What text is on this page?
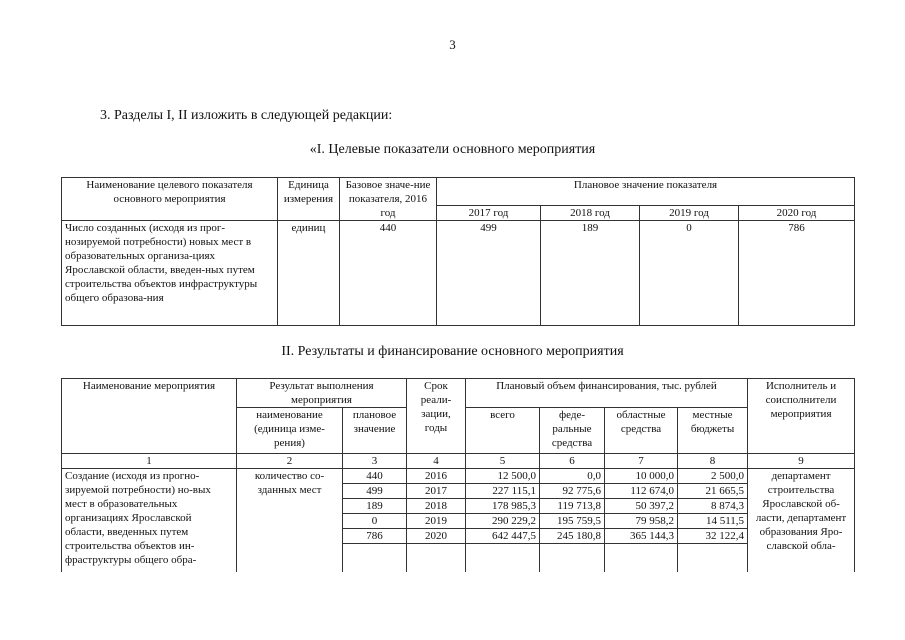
3
3. Разделы I, II изложить в следующей редакции:
«I. Целевые показатели основного мероприятия
Наименование целевого показателя основного мероприятия	Единица измерения	Базовое значе-ние показателя, 2016 год	Плановое значение показателя			
			2017 год	2018 год	2019 год	2020 год
Число созданных (исходя из прог-нозируемой потребности) новых мест в образовательных организа-циях Ярославской области, введен-ных путем строительства объектов инфраструктуры общего образова-ния	единиц	440	499	189	0	786
II. Результаты и финансирование основного мероприятия
Наименование мероприятия	Результат выполнения мероприятия		Срок реали-зации, годы	Плановый объем финансирования, тыс. рублей				Исполнитель и соисполнители мероприятия
	наименование (единица изме-рения)	плановое значение		всего	феде-ральные средства	областные средства	местные бюджеты	
1	2	3	4	5	6	7	8	9
Создание (исходя из прогно-зируемой потребности) но-вых мест в образовательных организациях Ярославской области, введенных путем строительства объектов ин-фраструктуры общего обра-	количество со-зданных мест	440	2016	12 500,0	0,0	10 000,0	2 500,0	департамент строительства Ярославской об-ласти, департамент образования Яро-славской обла-
		499	2017	227 115,1	92 775,6	112 674,0	21 665,5	
		189	2018	178 985,3	119 713,8	50 397,2	8 874,3	
		0	2019	290 229,2	195 759,5	79 958,2	14 511,5	
		786	2020	642 447,5	245 180,8	365 144,3	32 122,4	
